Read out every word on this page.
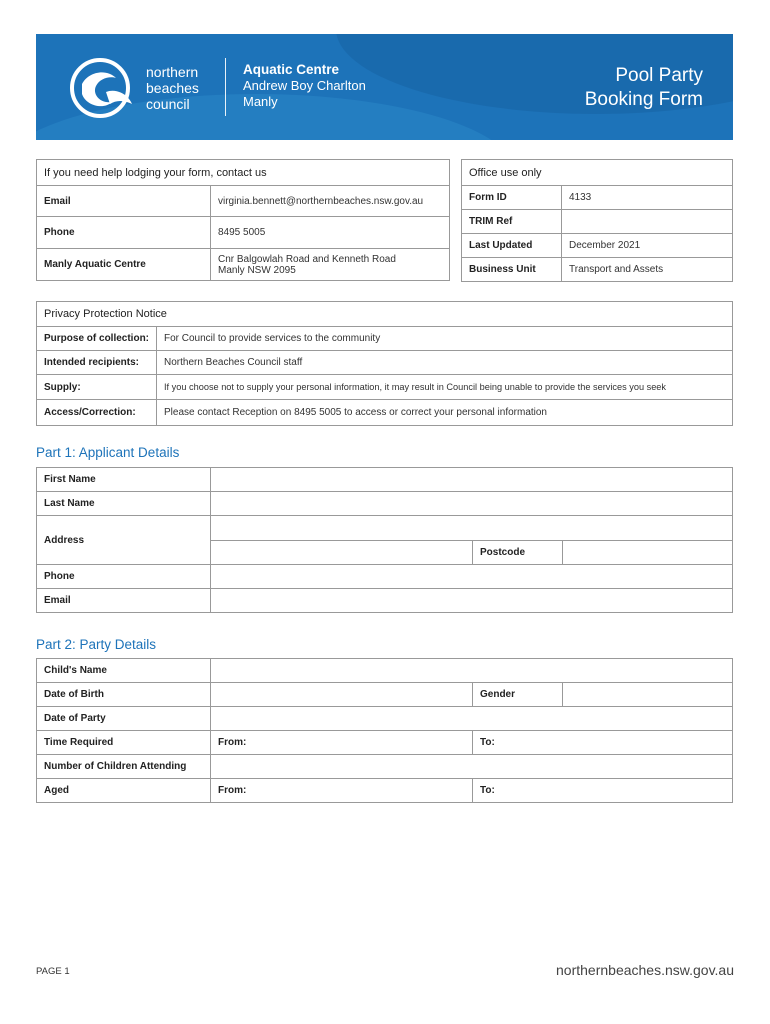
northern
beaches
council
Aquatic Centre
Andrew Boy Charlton
Manly
Pool Party
Booking Form
If you need help lodging your form, contact us	
Email	virginia.bennett@northernbeaches.nsw.gov.au
Phone	8495 5005
Manly Aquatic Centre	Cnr Balgowlah Road and Kenneth Road
Manly NSW 2095
Office use only	
Form ID	4133
TRIM Ref	
Last Updated	December 2021
Business Unit	Transport and Assets
Privacy Protection Notice	
Purpose of collection:	For Council to provide services to the community
Intended recipients:	Northern Beaches Council staff
Supply:	If you choose not to supply your personal information, it may result in Council being unable to provide the services you seek
Access/Correction:	Please contact Reception on 8495 5005 to access or correct your personal information
Part 1: Applicant Details
First Name			
Last Name			
Address			
		Postcode	
Phone			
Email			
Part 2: Party Details
Child's Name			
Date of Birth		Gender	
Date of Party			
Time Required	From:	To:	
Number of Children Attending			
Aged	From:	To:	
PAGE 1	northernbeaches.nsw.gov.au
